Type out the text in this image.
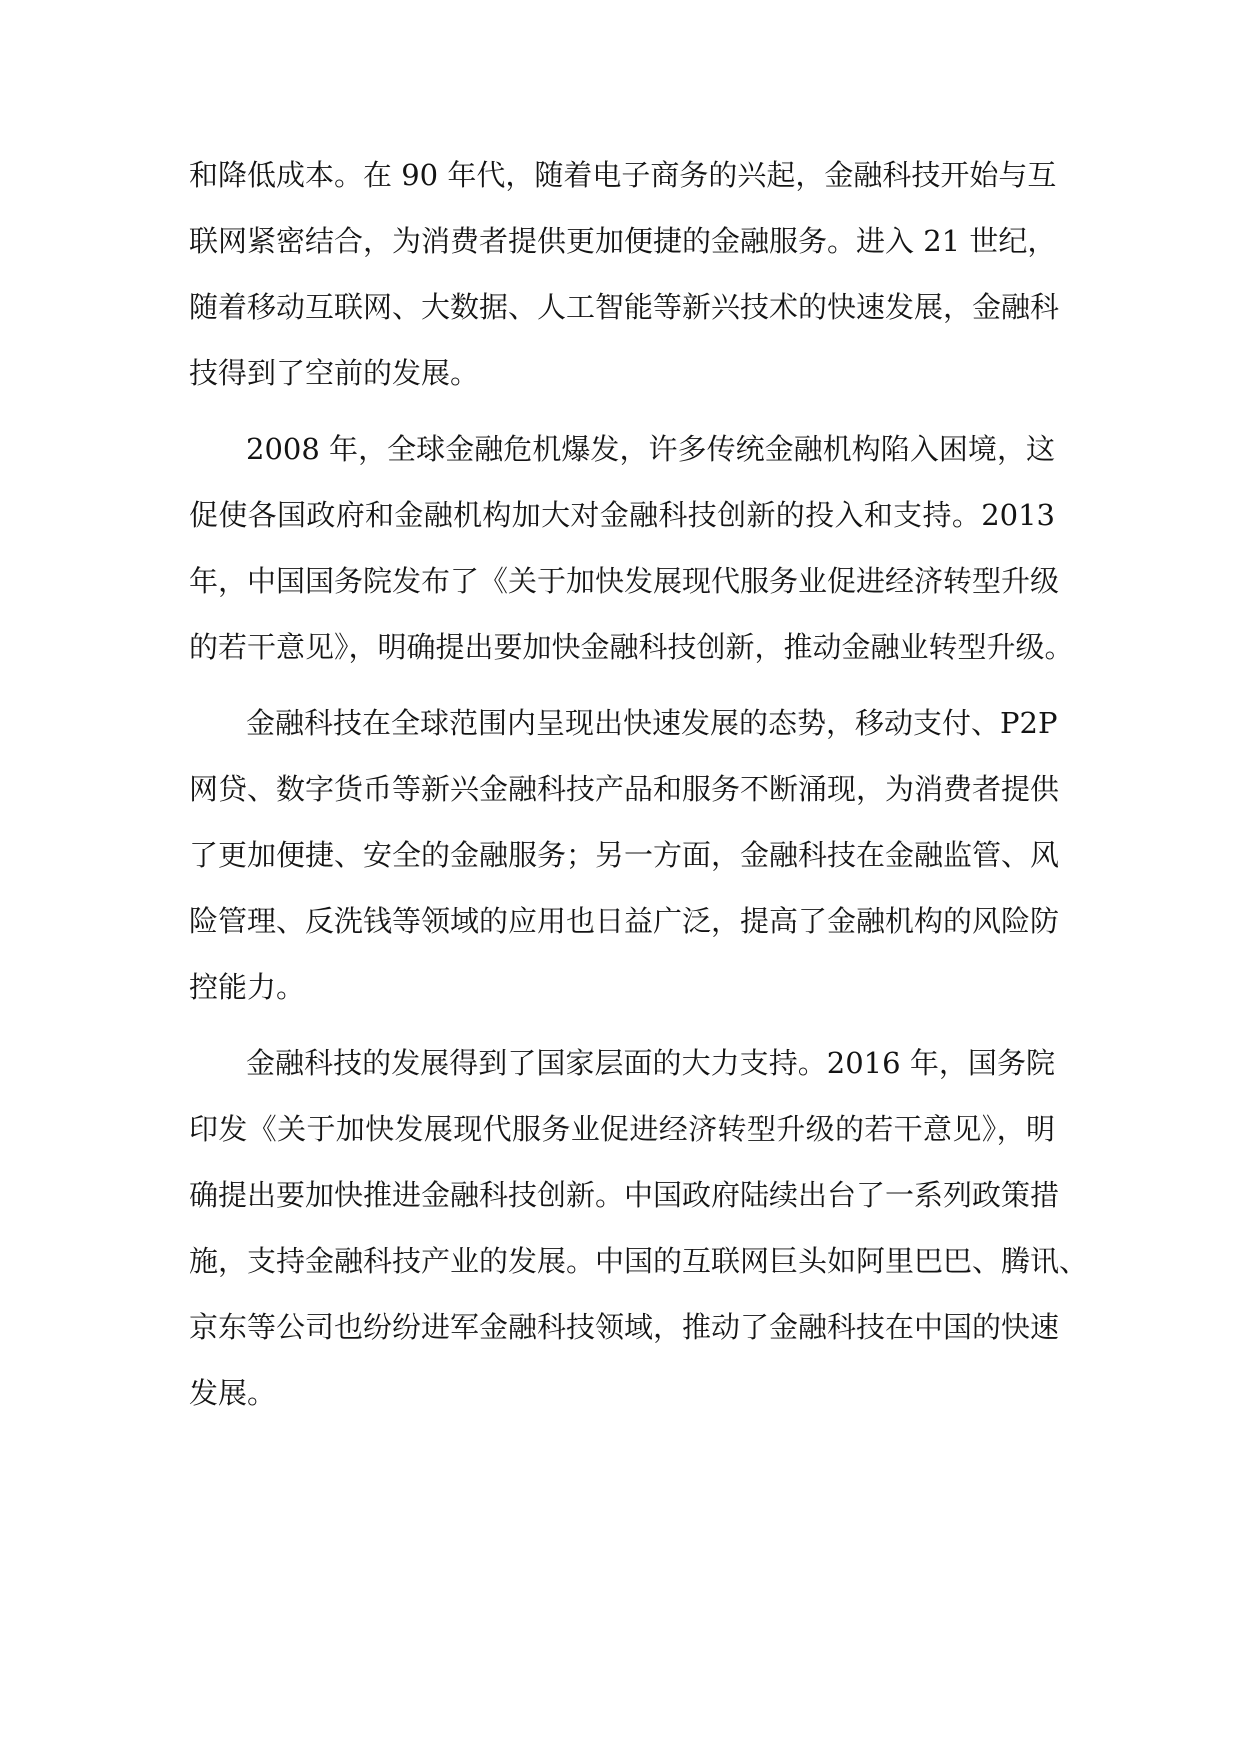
和降低成本。在 90 年代，随着电子商务的兴起，金融科技开始与互
联网紧密结合，为消费者提供更加便捷的金融服务。进入 21 世纪，
随着移动互联网、大数据、人工智能等新兴技术的快速发展，金融科
技得到了空前的发展。
2008 年，全球金融危机爆发，许多传统金融机构陷入困境，这
促使各国政府和金融机构加大对金融科技创新的投入和支持。2013
年，中国国务院发布了《关于加快发展现代服务业促进经济转型升级
的若干意见》，明确提出要加快金融科技创新，推动金融业转型升级。
金融科技在全球范围内呈现出快速发展的态势，移动支付、P2P
网贷、数字货币等新兴金融科技产品和服务不断涌现，为消费者提供
了更加便捷、安全的金融服务；另一方面，金融科技在金融监管、风
险管理、反洗钱等领域的应用也日益广泛，提高了金融机构的风险防
控能力。
金融科技的发展得到了国家层面的大力支持。2016 年，国务院
印发《关于加快发展现代服务业促进经济转型升级的若干意见》，明
确提出要加快推进金融科技创新。中国政府陆续出台了一系列政策措
施，支持金融科技产业的发展。中国的互联网巨头如阿里巴巴、腾讯、
京东等公司也纷纷进军金融科技领域，推动了金融科技在中国的快速
发展。
